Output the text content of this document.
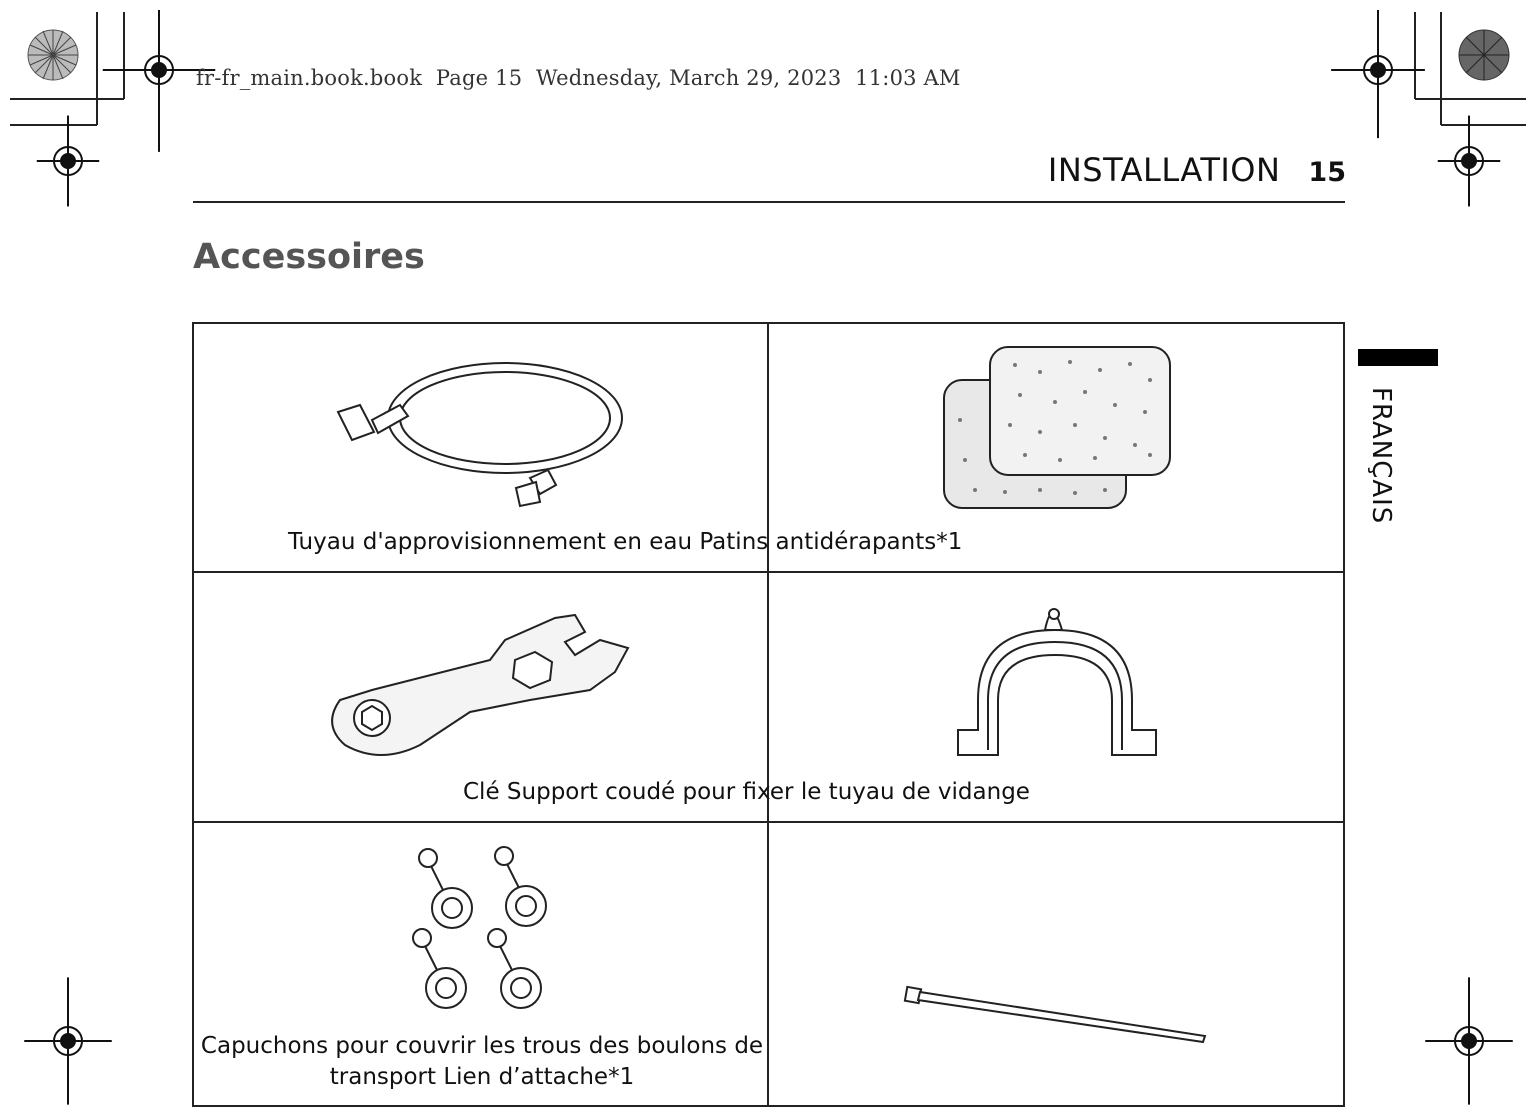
fr-fr_main.book.book  Page 15  Wednesday, March 29, 2023  11:03 AM
INSTALLATION 15
Accessoires
FRANÇAIS
Tuyau d'approvisionnement en eau Patins antidérapants*1
Clé Support coudé pour fixer le tuyau de vidange
Capuchons pour couvrir les trous des boulons de
transport Lien d’attache*1
